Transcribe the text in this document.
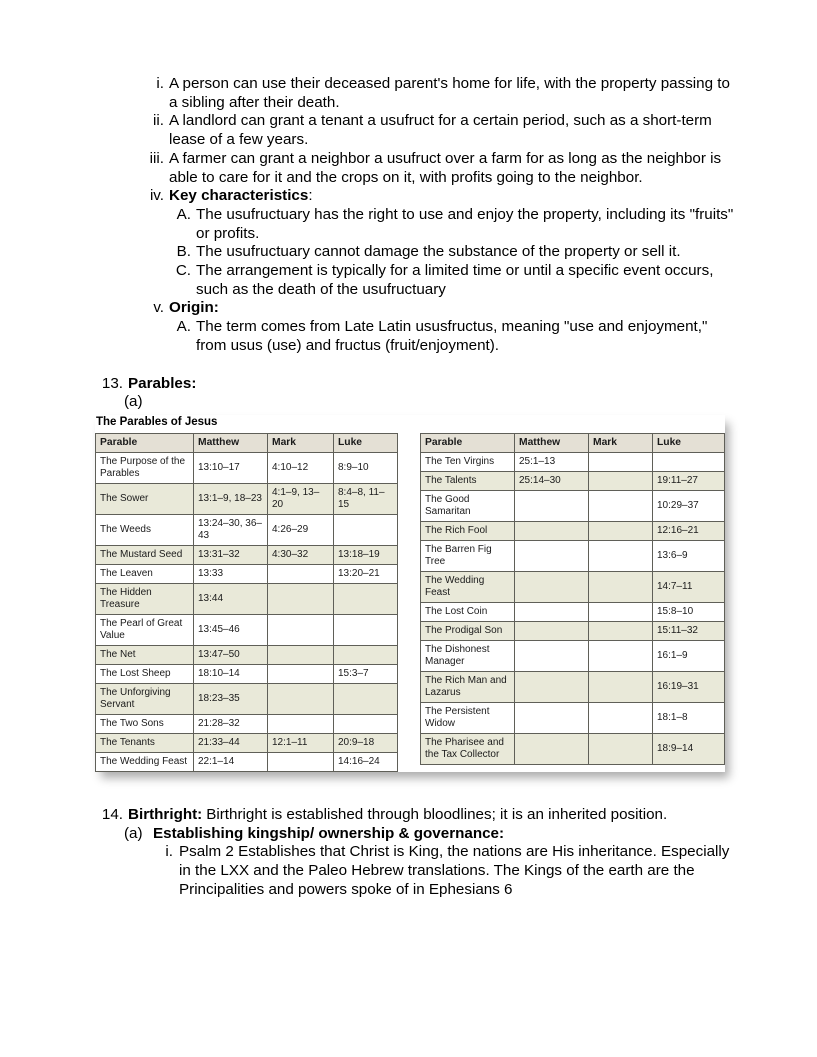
i. A person can use their deceased parent's home for life, with the property passing to a sibling after their death.
ii. A landlord can grant a tenant a usufruct for a certain period, such as a short-term lease of a few years.
iii. A farmer can grant a neighbor a usufruct over a farm for as long as the neighbor is able to care for it and the crops on it, with profits going to the neighbor.
iv. Key characteristics:
A. The usufructuary has the right to use and enjoy the property, including its "fruits" or profits.
B. The usufructuary cannot damage the substance of the property or sell it.
C. The arrangement is typically for a limited time or until a specific event occurs, such as the death of the usufructuary
v. Origin:
A. The term comes from Late Latin ususfructus, meaning "use and enjoyment," from usus (use) and fructus (fruit/enjoyment).
13. Parables:
(a)
The Parables of Jesus
Parable	Matthew	Mark	Luke
The Purpose of the Parables	13:10–17	4:10–12	8:9–10
The Sower	13:1–9, 18–23	4:1–9, 13–20	8:4–8, 11–15
The Weeds	13:24–30, 36–43	4:26–29	
The Mustard Seed	13:31–32	4:30–32	13:18–19
The Leaven	13:33		13:20–21
The Hidden Treasure	13:44		
The Pearl of Great Value	13:45–46		
The Net	13:47–50		
The Lost Sheep	18:10–14		15:3–7
The Unforgiving Servant	18:23–35		
The Two Sons	21:28–32		
The Tenants	21:33–44	12:1–11	20:9–18
The Wedding Feast	22:1–14		14:16–24
Parable	Matthew	Mark	Luke
The Ten Virgins	25:1–13		
The Talents	25:14–30		19:11–27
The Good Samaritan			10:29–37
The Rich Fool			12:16–21
The Barren Fig Tree			13:6–9
The Wedding Feast			14:7–11
The Lost Coin			15:8–10
The Prodigal Son			15:11–32
The Dishonest Manager			16:1–9
The Rich Man and Lazarus			16:19–31
The Persistent Widow			18:1–8
The Pharisee and the Tax Collector			18:9–14
14. Birthright: Birthright is established through bloodlines; it is an inherited position.
(a) Establishing kingship/ ownership & governance:
i. Psalm 2 Establishes that Christ is King, the nations are His inheritance. Especially in the LXX and the Paleo Hebrew translations. The Kings of the earth are the Principalities and powers spoke of in Ephesians 6
